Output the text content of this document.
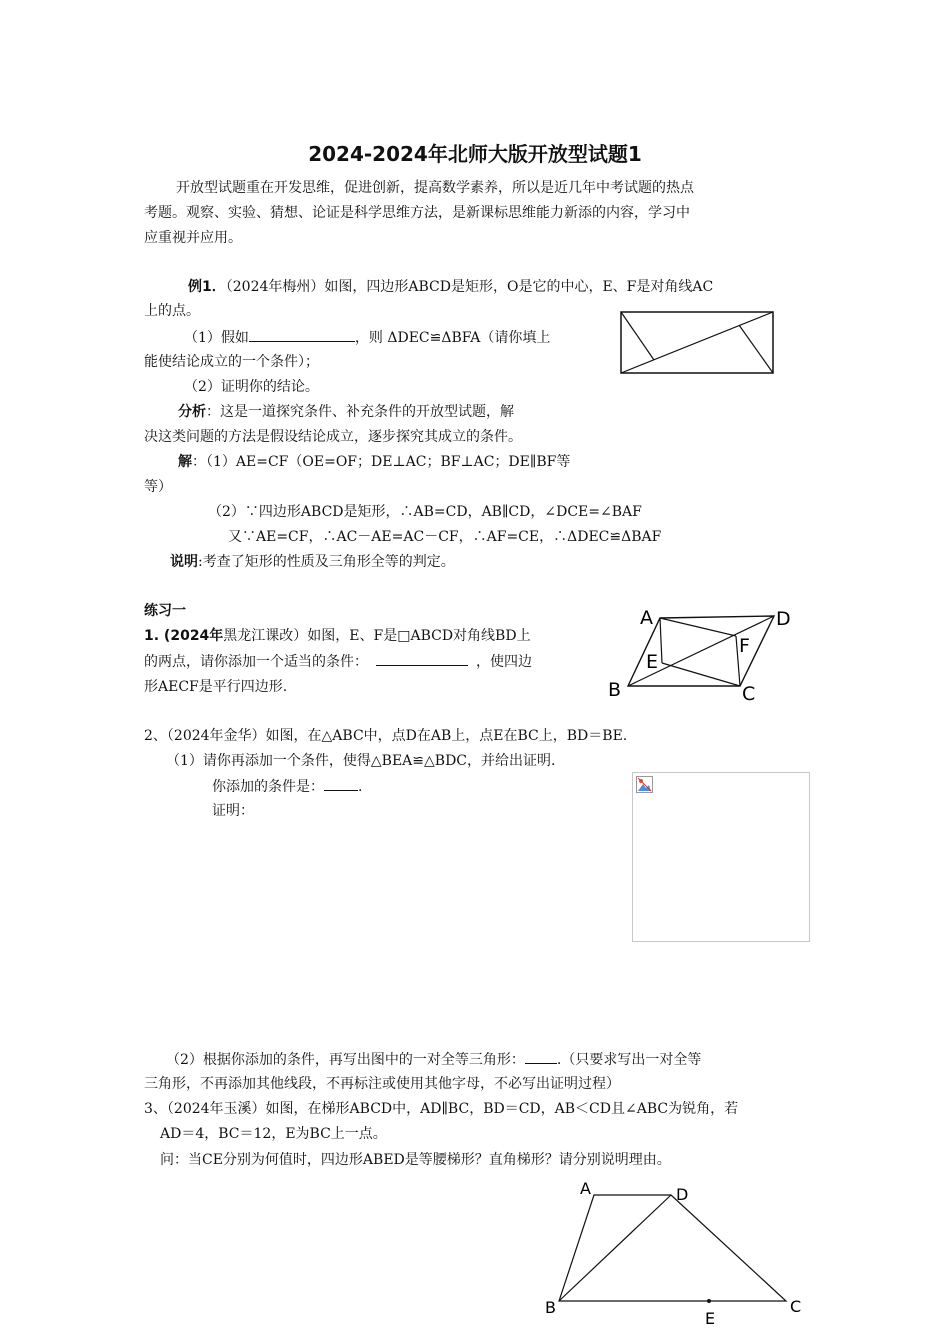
2024-2024年北师大版开放型试题1
开放型试题重在开发思维，促进创新，提高数学素养，所以是近几年中考试题的热点
考题。观察、实验、猜想、论证是科学思维方法，是新课标思维能力新添的内容，学习中
应重视并应用。
例1．（2024年梅州）如图，四边形ABCD是矩形，O是它的中心，E、F是对角线AC
上的点。
（1）假如	，则 ΔDEC≌ΔBFA（请你填上
能使结论成立的一个条件）；
（2）证明你的结论。
分析：这是一道探究条件、补充条件的开放型试题，解
决这类问题的方法是假设结论成立，逐步探究其成立的条件。
解：（1）AE=CF（OE=OF；DE⊥AC；BF⊥AC；DE∥BF等
等）
（2）∵四边形ABCD是矩形，∴AB=CD，AB∥CD，∠DCE=∠BAF
又∵AE=CF，∴AC－AE=AC－CF，∴AF=CE，∴ΔDEC≌ΔBAF
说明:考查了矩形的性质及三角形全等的判定。
练习一
1. (2024年黑龙江课改）如图，E、F是□ABCD对角线BD上
的两点，请你添加一个适当的条件：	，使四边
形AECF是平行四边形.
A	D
F
E
B	C
2、（2024年金华）如图，在△ABC中，点D在AB上，点E在BC上，BD＝BE.
（1）请你再添加一个条件，使得△BEA≌△BDC，并给出证明.
你添加的条件是： .
证明：
（2）根据你添加的条件，再写出图中的一对全等三角形： .（只要求写出一对全等
三角形，不再添加其他线段，不再标注或使用其他字母，不必写出证明过程）
3、（2024年玉溪）如图，在梯形ABCD中，AD∥BC，BD＝CD，AB＜CD且∠ABC为锐角，若
AD＝4，BC＝12，E为BC上一点。
问：当CE分别为何值时，四边形ABED是等腰梯形？直角梯形？请分别说明理由。
A	D
B
E
C
